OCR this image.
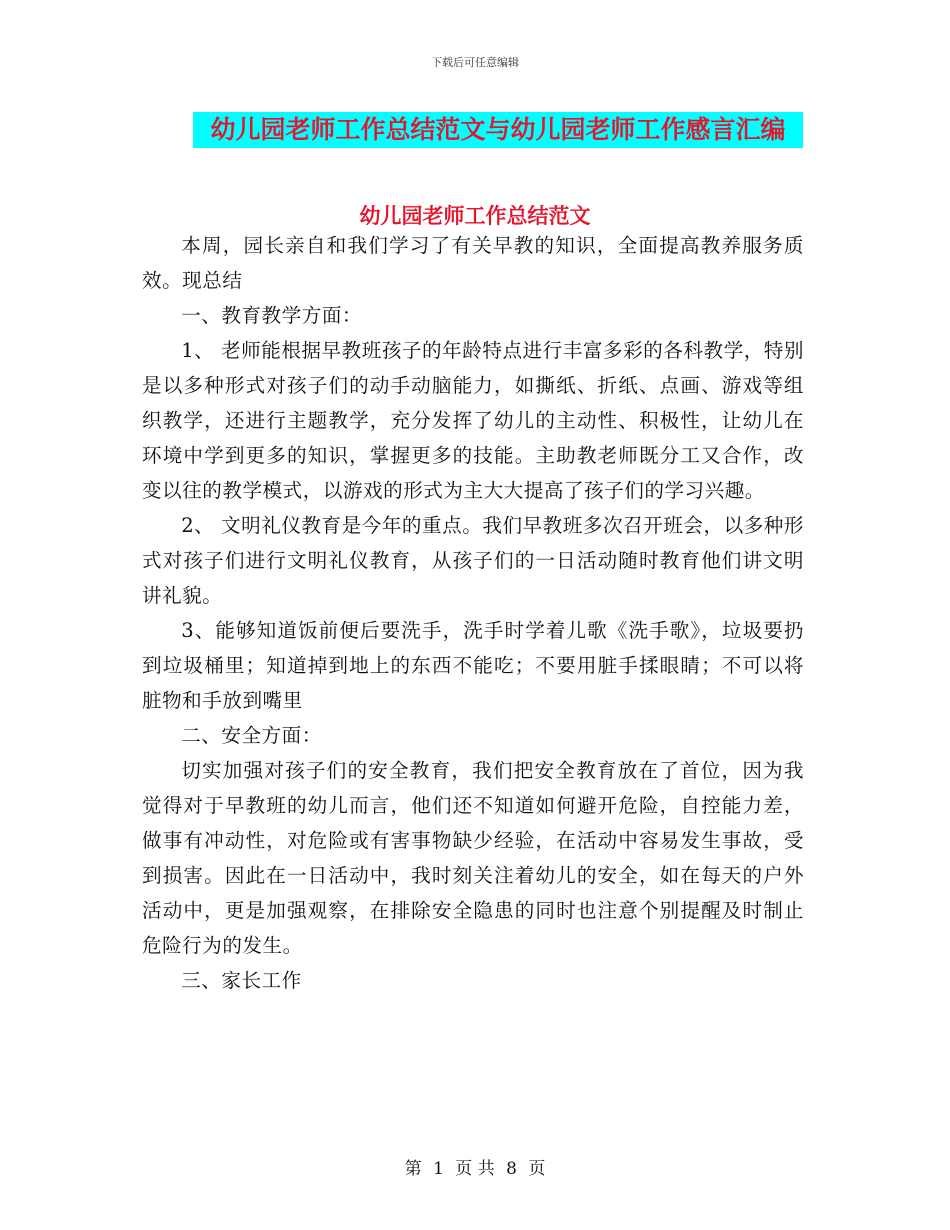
下载后可任意编辑
幼儿园老师工作总结范文与幼儿园老师工作感言汇编
幼儿园老师工作总结范文

本周，园长亲自和我们学习了有关早教的知识，全面提高教养服务质效。现总结

一、教育教学方面：

1、 老师能根据早教班孩子的年龄特点进行丰富多彩的各科教学，特别是以多种形式对孩子们的动手动脑能力，如撕纸、折纸、点画、游戏等组织教学，还进行主题教学，充分发挥了幼儿的主动性、积极性，让幼儿在环境中学到更多的知识，掌握更多的技能。主助教老师既分工又合作，改变以往的教学模式，以游戏的形式为主大大提高了孩子们的学习兴趣。

2、 文明礼仪教育是今年的重点。我们早教班多次召开班会，以多种形式对孩子们进行文明礼仪教育，从孩子们的一日活动随时教育他们讲文明讲礼貌。

3、能够知道饭前便后要洗手，洗手时学着儿歌《洗手歌》，垃圾要扔到垃圾桶里；知道掉到地上的东西不能吃；不要用脏手揉眼睛；不可以将脏物和手放到嘴里

二、安全方面：

切实加强对孩子们的安全教育，我们把安全教育放在了首位，因为我觉得对于早教班的幼儿而言，他们还不知道如何避开危险，自控能力差，做事有冲动性，对危险或有害事物缺少经验，在活动中容易发生事故，受到损害。因此在一日活动中，我时刻关注着幼儿的安全，如在每天的户外活动中，更是加强观察，在排除安全隐患的同时也注意个别提醒及时制止危险行为的发生。

三、家长工作

第 1 页 共 8 页
